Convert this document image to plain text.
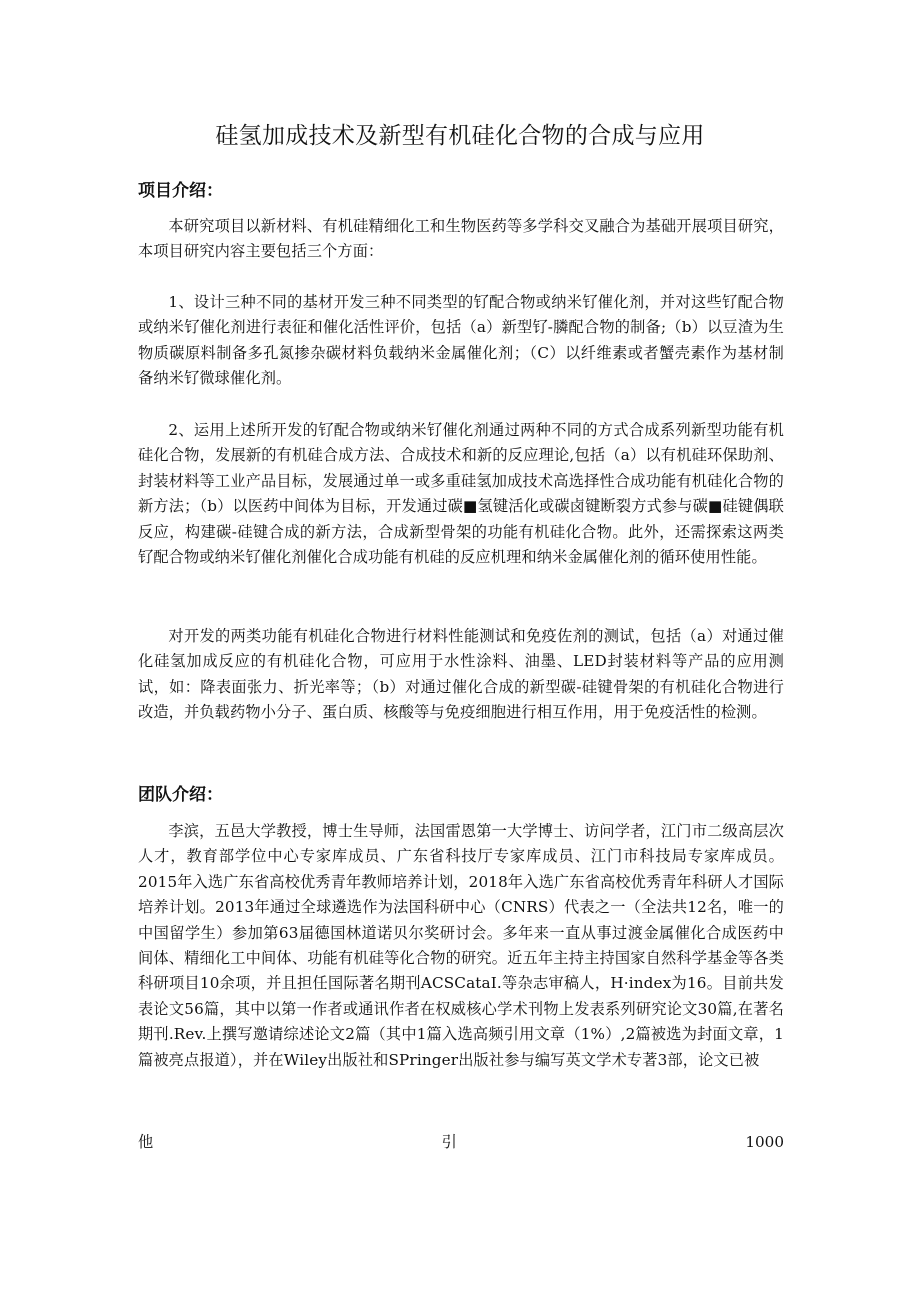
硅氢加成技术及新型有机硅化合物的合成与应用
项目介绍：

本研究项目以新材料、有机硅精细化工和生物医药等多学科交叉融合为基础开展项目研究，本项目研究内容主要包括三个方面：

1、设计三种不同的基材开发三种不同类型的钌配合物或纳米钌催化剂，并对这些钌配合物或纳米钌催化剂进行表征和催化活性评价，包括（a）新型钌-膦配合物的制备;（b）以豆渣为生物质碳原料制备多孔氮掺杂碳材料负载纳米金属催化剂；（C）以纤维素或者蟹壳素作为基材制备纳米钌微球催化剂。

2、运用上述所开发的钌配合物或纳米钌催化剂通过两种不同的方式合成系列新型功能有机硅化合物，发展新的有机硅合成方法、合成技术和新的反应理论,包括（a）以有机硅环保助剂、封装材料等工业产品目标，发展通过单一或多重硅氢加成技术高选择性合成功能有机硅化合物的新方法；（b）以医药中间体为目标，开发通过碳■氢键活化或碳卤键断裂方式参与碳■硅键偶联反应，构建碳-硅键合成的新方法，合成新型骨架的功能有机硅化合物。此外，还需探索这两类钌配合物或纳米钌催化剂催化合成功能有机硅的反应机理和纳米金属催化剂的循环使用性能。

对开发的两类功能有机硅化合物进行材料性能测试和免疫佐剂的测试，包括（a）对通过催化硅氢加成反应的有机硅化合物，可应用于水性涂料、油墨、LED封装材料等产品的应用测试，如：降表面张力、折光率等；（b）对通过催化合成的新型碳-硅键骨架的有机硅化合物进行改造，并负载药物小分子、蛋白质、核酸等与免疫细胞进行相互作用，用于免疫活性的检测。

团队介绍：

李滨，五邑大学教授，博士生导师，法国雷恩第一大学博士、访问学者，江门市二级高层次人才，教育部学位中心专家库成员、广东省科技厅专家库成员、江门市科技局专家库成员。2015年入选广东省高校优秀青年教师培养计划，2018年入选广东省高校优秀青年科研人才国际培养计划。2013年通过全球遴选作为法国科研中心（CNRS）代表之一（全法共12名，唯一的中国留学生）参加第63届德国林道诺贝尔奖研讨会。多年来一直从事过渡金属催化合成医药中间体、精细化工中间体、功能有机硅等化合物的研究。近五年主持主持国家自然科学基金等各类科研项目10余项，并且担任国际著名期刊ACSCataI.等杂志审稿人，H·index为16。目前共发表论文56篇，其中以第一作者或通讯作者在权威核心学术刊物上发表系列研究论文30篇,在著名期刊.Rev.上撰写邀请综述论文2篇（其中1篇入选高频引用文章（1%）,2篇被选为封面文章，1篇被亮点报道），并在Wiley出版社和SPringer出版社参与编写英文学术专著3部，论文已被

他	引	1000
